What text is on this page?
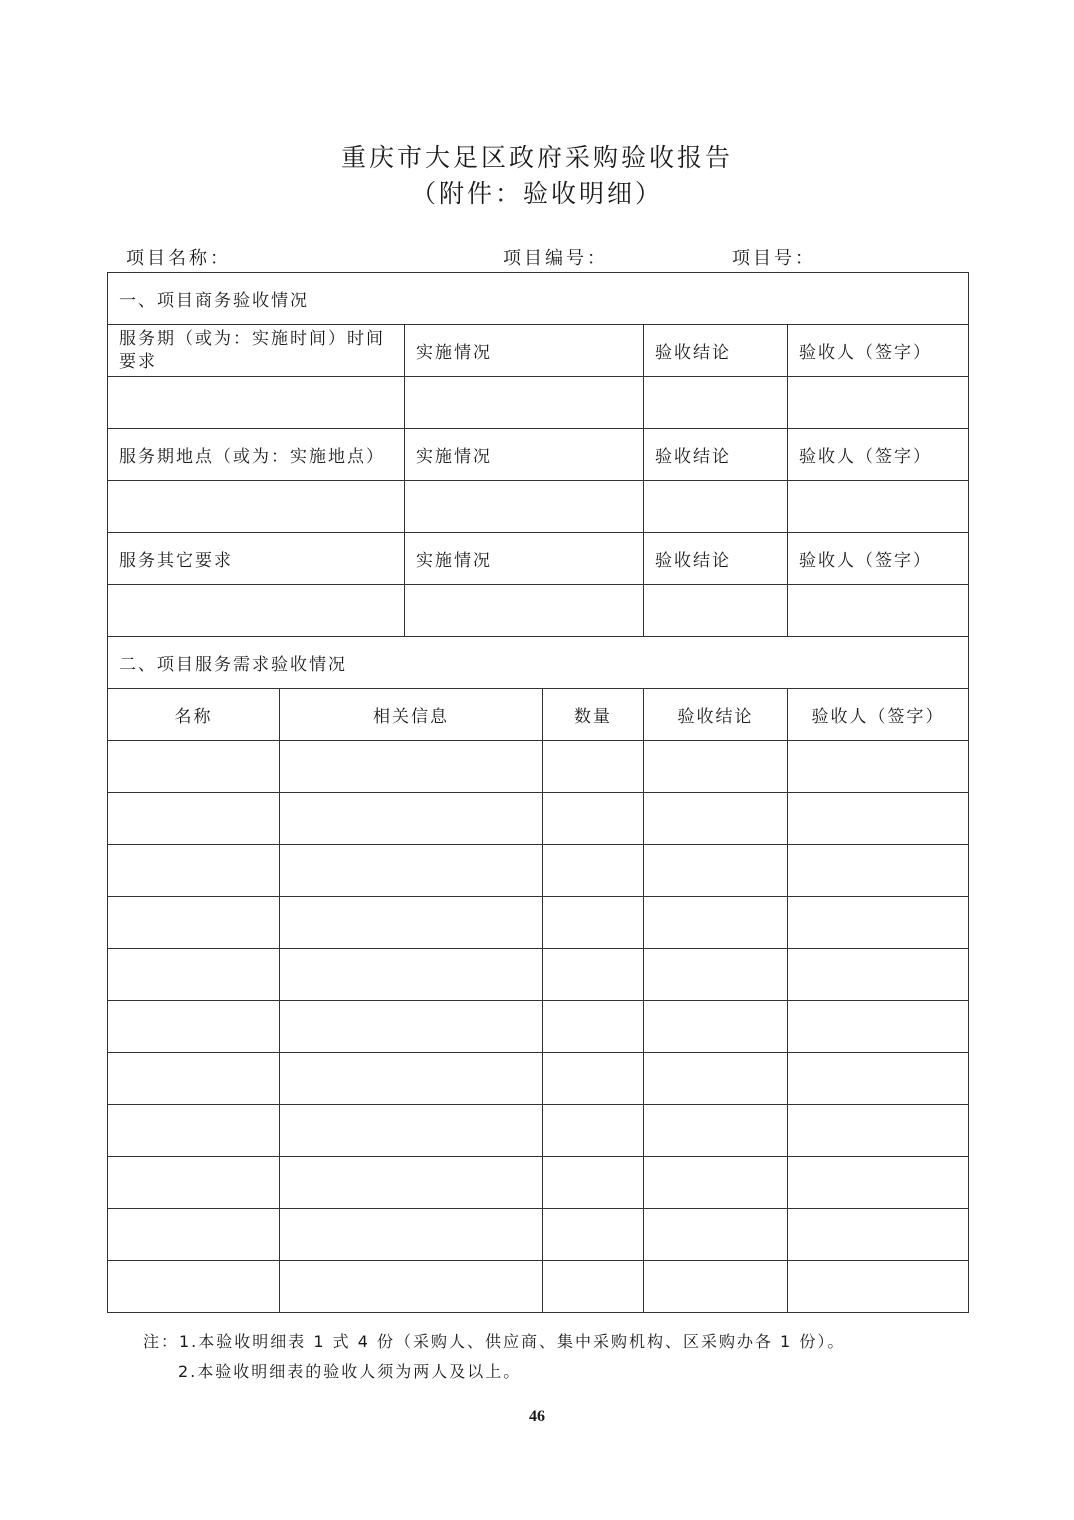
重庆市大足区政府采购验收报告
（附件：验收明细）
项目名称：	项目编号：	项目号：
一、项目商务验收情况					
服务期（或为：实施时间）时间要求		实施情况		验收结论	验收人（签字）

服务期地点（或为：实施地点）		实施情况		验收结论	验收人（签字）

服务其它要求		实施情况		验收结论	验收人（签字）

二、项目服务需求验收情况					
名称	相关信息		数量	验收结论	验收人（签字）

注：1.本验收明细表 1 式 4 份（采购人、供应商、集中采购机构、区采购办各 1 份）。
2.本验收明细表的验收人须为两人及以上。
46
